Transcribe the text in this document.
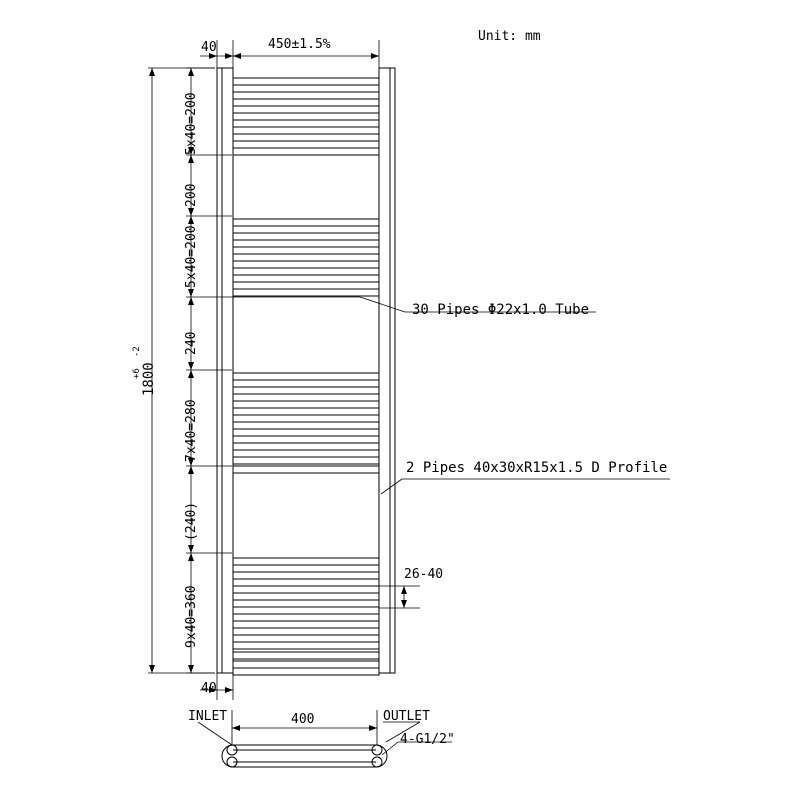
Unit: mm
450±1.5%
40
40
1800
+6
-2
5x40=200
200
5x40=200
240
7x40=280
(240)
9x40=360
30 Pipes Φ22x1.0 Tube
2 Pipes 40x30xR15x1.5 D Profile
26-40
INLET	OUTLET
400
4-G1/2"
